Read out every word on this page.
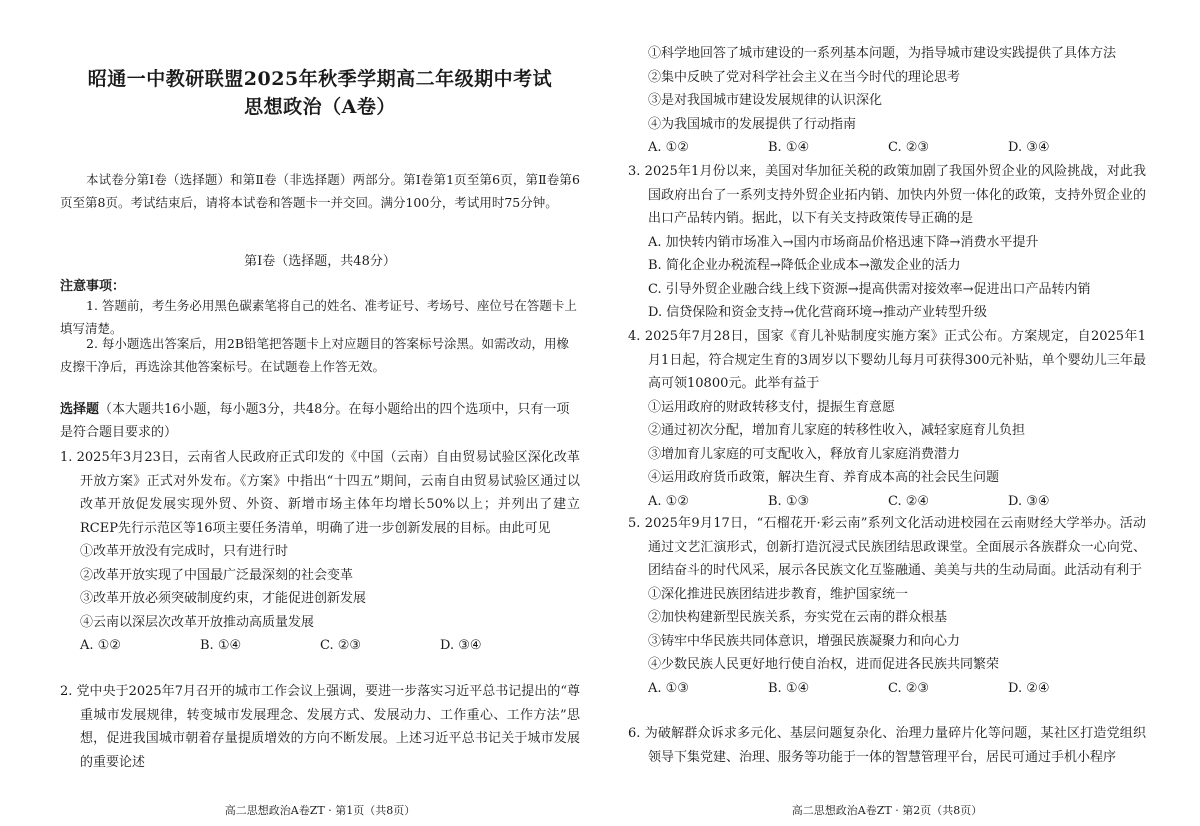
昭通一中教研联盟2025年秋季学期高二年级期中考试
思想政治（A卷）
本试卷分第Ⅰ卷（选择题）和第Ⅱ卷（非选择题）两部分。第Ⅰ卷第1页至第6页，第Ⅱ卷第6页至第8页。考试结束后，请将本试卷和答题卡一并交回。满分100分，考试用时75分钟。
第Ⅰ卷（选择题，共48分）
注意事项：
1. 答题前，考生务必用黑色碳素笔将自己的姓名、准考证号、考场号、座位号在答题卡上填写清楚。
2. 每小题选出答案后，用2B铅笔把答题卡上对应题目的答案标号涂黑。如需改动，用橡皮擦干净后，再选涂其他答案标号。在试题卷上作答无效。
选择题（本大题共16小题，每小题3分，共48分。在每小题给出的四个选项中，只有一项是符合题目要求的）
1. 2025年3月23日，云南省人民政府正式印发的《中国（云南）自由贸易试验区深化改革开放方案》正式对外发布。《方案》中指出“十四五”期间，云南自由贸易试验区通过以改革开放促发展实现外贸、外资、新增市场主体年均增长50%以上；并列出了建立RCEP先行示范区等16项主要任务清单，明确了进一步创新发展的目标。由此可见
①改革开放没有完成时，只有进行时
②改革开放实现了中国最广泛最深刻的社会变革
③改革开放必须突破制度约束，才能促进创新发展
④云南以深层次改革开放推动高质量发展
A. ①②	B. ①④	C. ②③	D. ③④
2. 党中央于2025年7月召开的城市工作会议上强调，要进一步落实习近平总书记提出的“尊重城市发展规律，转变城市发展理念、发展方式、发展动力、工作重心、工作方法”思想，促进我国城市朝着存量提质增效的方向不断发展。上述习近平总书记关于城市发展的重要论述
高二思想政治A卷ZT · 第1页（共8页）
①科学地回答了城市建设的一系列基本问题，为指导城市建设实践提供了具体方法
②集中反映了党对科学社会主义在当今时代的理论思考
③是对我国城市建设发展规律的认识深化
④为我国城市的发展提供了行动指南
A. ①②	B. ①④	C. ②③	D. ③④
3. 2025年1月份以来，美国对华加征关税的政策加剧了我国外贸企业的风险挑战，对此我国政府出台了一系列支持外贸企业拓内销、加快内外贸一体化的政策，支持外贸企业的出口产品转内销。据此，以下有关支持政策传导正确的是
A. 加快转内销市场准入→国内市场商品价格迅速下降→消费水平提升
B. 简化企业办税流程→降低企业成本→激发企业的活力
C. 引导外贸企业融合线上线下资源→提高供需对接效率→促进出口产品转内销
D. 信贷保险和资金支持→优化营商环境→推动产业转型升级
4. 2025年7月28日，国家《育儿补贴制度实施方案》正式公布。方案规定，自2025年1月1日起，符合规定生育的3周岁以下婴幼儿每月可获得300元补贴，单个婴幼儿三年最高可领10800元。此举有益于
①运用政府的财政转移支付，提振生育意愿
②通过初次分配，增加育儿家庭的转移性收入，减轻家庭育儿负担
③增加育儿家庭的可支配收入，释放育儿家庭消费潜力
④运用政府货币政策，解决生育、养育成本高的社会民生问题
A. ①②	B. ①③	C. ②④	D. ③④
5. 2025年9月17日，“石榴花开·彩云南”系列文化活动进校园在云南财经大学举办。活动通过文艺汇演形式，创新打造沉浸式民族团结思政课堂。全面展示各族群众一心向党、团结奋斗的时代风采，展示各民族文化互鉴融通、美美与共的生动局面。此活动有利于
①深化推进民族团结进步教育，维护国家统一
②加快构建新型民族关系，夯实党在云南的群众根基
③铸牢中华民族共同体意识，增强民族凝聚力和向心力
④少数民族人民更好地行使自治权，进而促进各民族共同繁荣
A. ①③	B. ①④	C. ②③	D. ②④
6. 为破解群众诉求多元化、基层问题复杂化、治理力量碎片化等问题，某社区打造党组织领导下集党建、治理、服务等功能于一体的智慧管理平台，居民可通过手机小程序
高二思想政治A卷ZT · 第2页（共8页）
